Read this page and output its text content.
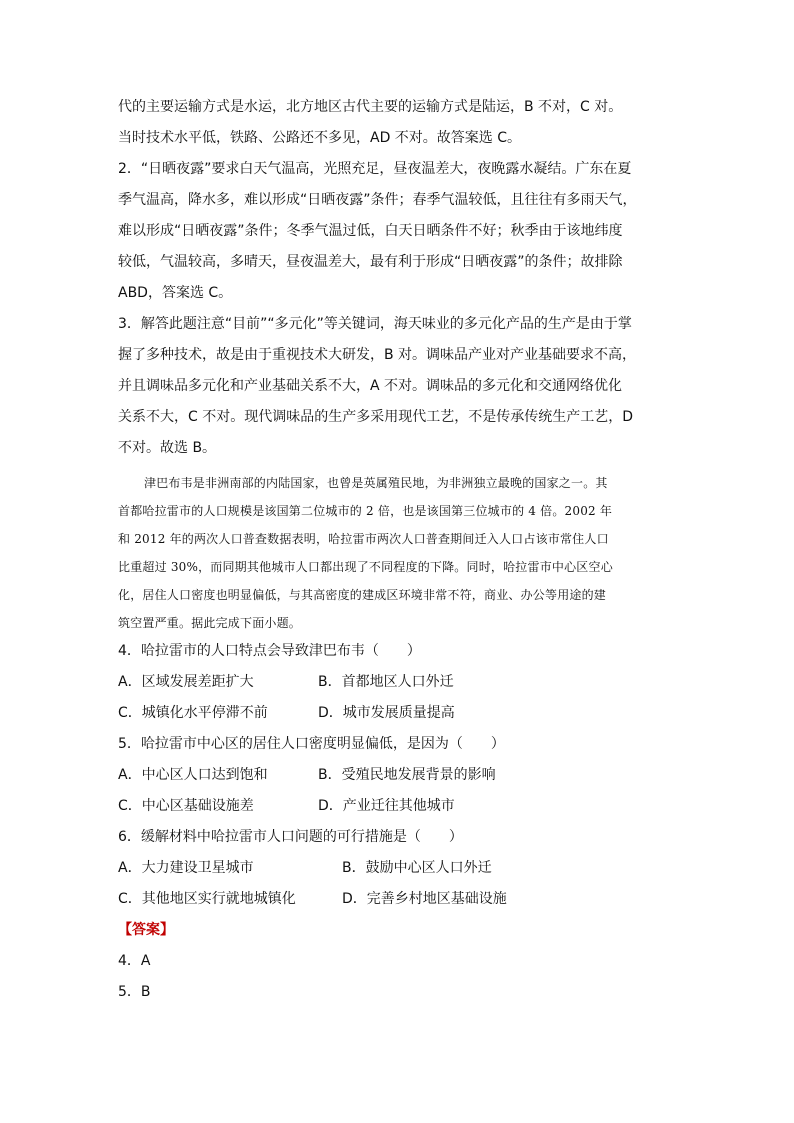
代的主要运输方式是水运，北方地区古代主要的运输方式是陆运，B 不对，C 对。
当时技术水平低，铁路、公路还不多见，AD 不对。故答案选 C。
2．“日晒夜露”要求白天气温高，光照充足，昼夜温差大，夜晚露水凝结。广东在夏
季气温高，降水多，难以形成“日晒夜露”条件；春季气温较低，且往往有多雨天气，
难以形成“日晒夜露”条件；冬季气温过低，白天日晒条件不好；秋季由于该地纬度
较低，气温较高，多晴天，昼夜温差大，最有利于形成“日晒夜露”的条件；故排除
ABD，答案选 C。
3．解答此题注意“目前”“多元化”等关键词，海天味业的多元化产品的生产是由于掌
握了多种技术，故是由于重视技术大研发，B 对。调味品产业对产业基础要求不高，
并且调味品多元化和产业基础关系不大，A 不对。调味品的多元化和交通网络优化
关系不大，C 不对。现代调味品的生产多采用现代工艺，不是传承传统生产工艺，D
不对。故选 B。
津巴布韦是非洲南部的内陆国家，也曾是英属殖民地，为非洲独立最晚的国家之一。其
首都哈拉雷市的人口规模是该国第二位城市的 2 倍，也是该国第三位城市的 4 倍。2002 年
和 2012 年的两次人口普查数据表明，哈拉雷市两次人口普查期间迁入人口占该市常住人口
比重超过 30%，而同期其他城市人口都出现了不同程度的下降。同时，哈拉雷市中心区空心
化，居住人口密度也明显偏低，与其高密度的建成区环境非常不符，商业、办公等用途的建
筑空置严重。据此完成下面小题。
4．哈拉雷市的人口特点会导致津巴布韦（　　）
A．区域发展差距扩大	B．首都地区人口外迁
C．城镇化水平停滞不前	D．城市发展质量提高
5．哈拉雷市中心区的居住人口密度明显偏低，是因为（　　）
A．中心区人口达到饱和	B．受殖民地发展背景的影响
C．中心区基础设施差	D．产业迁往其他城市
6．缓解材料中哈拉雷市人口问题的可行措施是（　　）
A．大力建设卫星城市	B．鼓励中心区人口外迁
C．其他地区实行就地城镇化	D．完善乡村地区基础设施
【答案】
4．A
5．B
